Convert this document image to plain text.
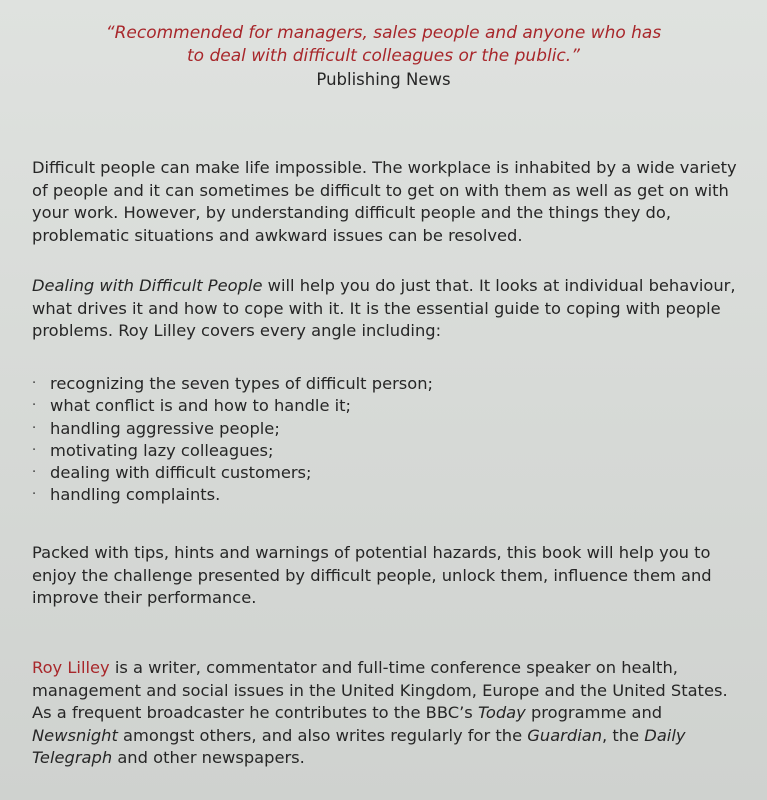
“Recommended for managers, sales people and anyone who has
to deal with difficult colleagues or the public.”
Publishing News

Difficult people can make life impossible. The workplace is inhabited by a wide variety of people and it can sometimes be difficult to get on with them as well as get on with your work. However, by understanding difficult people and the things they do, problematic situations and awkward issues can be resolved.

Dealing with Difficult People will help you do just that. It looks at individual behaviour, what drives it and how to cope with it. It is the essential guide to coping with people problems. Roy Lilley covers every angle including:

· recognizing the seven types of difficult person;
· what conflict is and how to handle it;
· handling aggressive people;
· motivating lazy colleagues;
· dealing with difficult customers;
· handling complaints.

Packed with tips, hints and warnings of potential hazards, this book will help you to enjoy the challenge presented by difficult people, unlock them, influence them and improve their performance.

Roy Lilley is a writer, commentator and full-time conference speaker on health, management and social issues in the United Kingdom, Europe and the United States. As a frequent broadcaster he contributes to the BBC’s Today programme and Newsnight amongst others, and also writes regularly for the Guardian, the Daily Telegraph and other newspapers.
